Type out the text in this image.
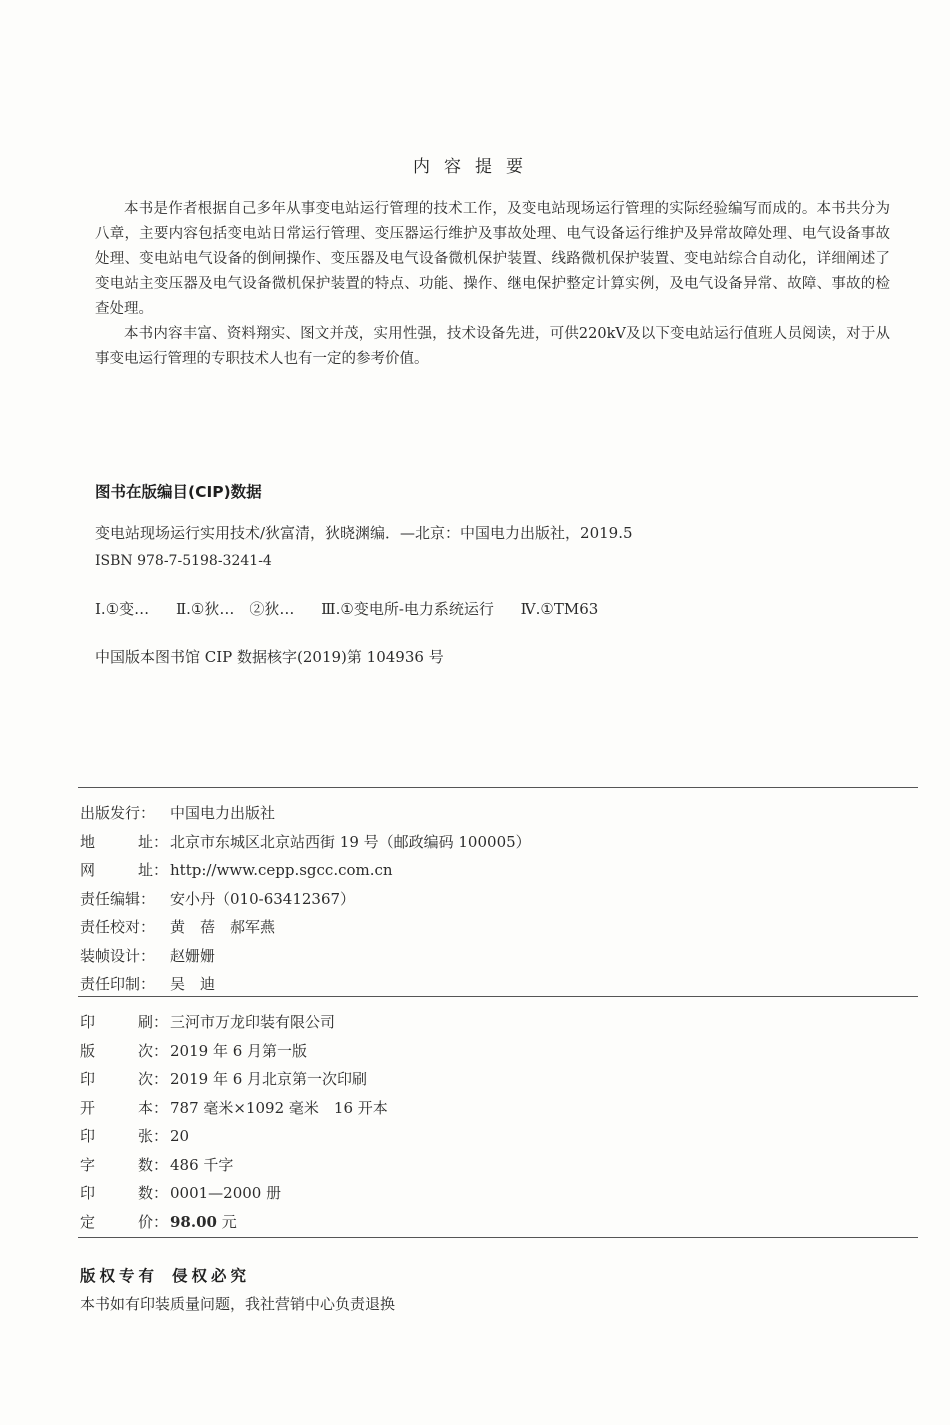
内容提要

本书是作者根据自己多年从事变电站运行管理的技术工作，及变电站现场运行管理的实际经验编写而成的。本书共分为八章，主要内容包括变电站日常运行管理、变压器运行维护及事故处理、电气设备运行维护及异常故障处理、电气设备事故处理、变电站电气设备的倒闸操作、变压器及电气设备微机保护装置、线路微机保护装置、变电站综合自动化，详细阐述了变电站主变压器及电气设备微机保护装置的特点、功能、操作、继电保护整定计算实例，及电气设备异常、故障、事故的检查处理。

本书内容丰富、资料翔实、图文并茂，实用性强，技术设备先进，可供220kV及以下变电站运行值班人员阅读，对于从事变电运行管理的专职技术人也有一定的参考价值。

图书在版编目(CIP)数据
变电站现场运行实用技术/狄富清，狄晓渊编．—北京：中国电力出版社，2019.5
ISBN 978-7-5198-3241-4
Ⅰ.①变… Ⅱ.①狄…　②狄… Ⅲ.①变电所-电力系统运行 Ⅳ.①TM63
中国版本图书馆 CIP 数据核字(2019)第 104936 号
出版发行： 中国电力出版社
地	址： 北京市东城区北京站西街 19 号（邮政编码 100005）
网	址： http://www.cepp.sgcc.com.cn
责任编辑： 安小丹（010-63412367）
责任校对： 黄　蓓　郝军燕
装帧设计： 赵姗姗
责任印制： 吴　迪
印	刷： 三河市万龙印装有限公司
版	次： 2019 年 6 月第一版
印	次： 2019 年 6 月北京第一次印刷
开	本： 787 毫米×1092 毫米　16 开本
印	张： 20
字	数： 486 千字
印	数： 0001—2000 册
定	价： 98.00 元
版权专有 侵权必究
本书如有印装质量问题，我社营销中心负责退换
